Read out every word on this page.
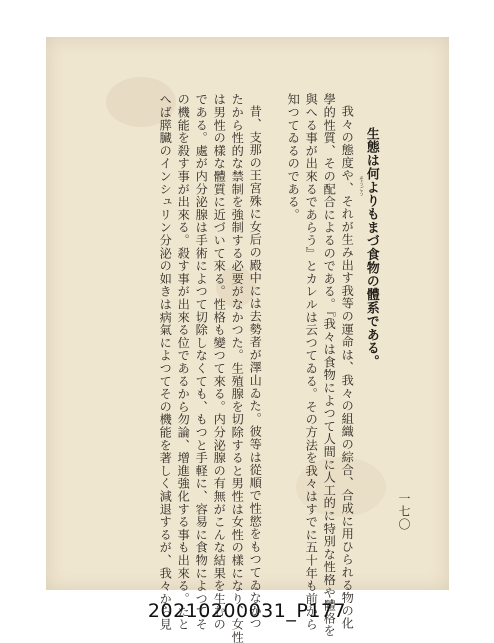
生態は何よりもまづ食物の體系である。
我々の態度や、それが生み出す我等の運命は、我々の組織の綜合、合成に用ひられる物の化
學的性質、その配合によるのである。『我々は食物によつて人間に人工的に特別な性格や體格を
與へる事が出來るであらう』とカレルは云つてゐる。その方法を我々はすでに五十年も前から
知つてゐるのである。
昔、支那の王宮殊に女后の殿中には去勢者が澤山ゐた。彼等は從順で性慾をもつてゐなかつ
たから性的な禁制を強制する必要がなかつた。生殖腺を切除すると男性は女性の樣になり、女性
は男性の樣な體質に近づいて來る。性格も變つて來る。内分泌腺の有無がこんな結果を生むの
である。處が内分泌腺は手術によつて切除しなくても、もつと手軽に、容易に食物によつてそ
の機能を殺す事が出來る。殺す事が出來る位であるから勿論、增進強化する事も出來る。たと
へば膵臓のインシュリン分泌の如きは病氣によつてその機能を著しく減退するが、我々から見	そうごう
一七〇
20210200031_P177
